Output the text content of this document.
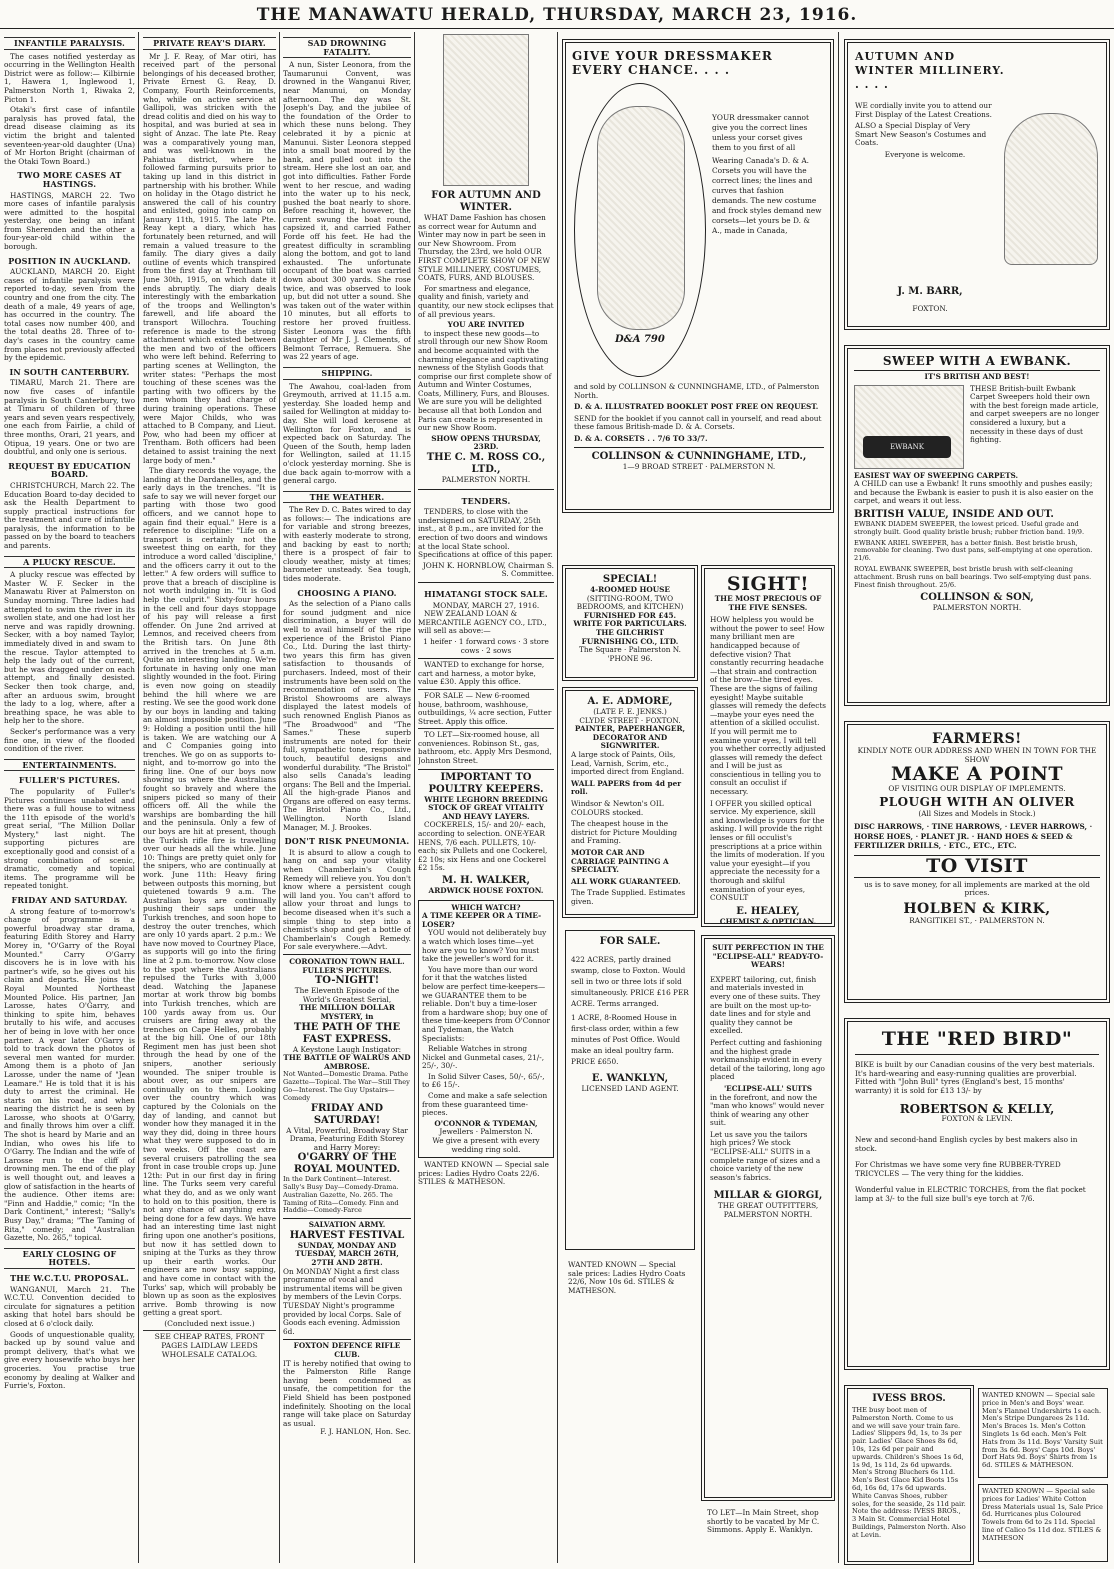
THE MANAWATU HERALD, THURSDAY, MARCH 23, 1916.
INFANTILE PARALYSIS.

The cases notified yesterday as occurring in the Wellington Health District were as follow:— Kilbirnie 1, Hawera 1, Inglewood 1, Palmerston North 1, Riwaka 2, Picton 1.

Otaki's first case of infantile paralysis has proved fatal, the dread disease claiming as its victim the bright and talented seventeen-year-old daughter (Una) of Mr Horton Bright (chairman of the Otaki Town Board.)

TWO MORE CASES AT HASTINGS.

HASTINGS, MARCH 22. Two more cases of infantile paralysis were admitted to the hospital yesterday, one being an infant from Sherenden and the other a four-year-old child within the borough.

POSITION IN AUCKLAND.

AUCKLAND, MARCH 20. Eight cases of infantile paralysis were reported to-day, seven from the country and one from the city. The death of a male, 49 years of age, has occurred in the country. The total cases now number 400, and the total deaths 28. Three of to-day's cases in the country came from places not previously affected by the epidemic.

IN SOUTH CANTERBURY.

TIMARU, March 21. There are now five cases of infantile paralysis in South Canterbury, two at Timaru of children of three years and seven years respectively, one each from Fairlie, a child of three months, Orari, 21 years, and Otipua, 19 years. One or two are doubtful, and only one is serious.

REQUEST BY EDUCATION BOARD.

CHRISTCHURCH, March 22. The Education Board to-day decided to ask the Health Department to supply practical instructions for the treatment and cure of infantile paralysis, the information to be passed on by the board to teachers and parents.

A PLUCKY RESCUE.

A plucky rescue was effected by Master W. F. Secker in the Manawatu River at Palmerston on Sunday morning. Three ladies had attempted to swim the river in its swollen state, and one had lost her nerve and was rapidly drowning. Secker, with a boy named Taylor, immediately dived in and swam to the rescue. Taylor attempted to help the lady out of the current, but he was dragged under on each attempt, and finally desisted. Secker then took charge, and, after an arduous swim, brought the lady to a log, where, after a breathing space, he was able to help her to the shore.

Secker's performance was a very fine one, in view of the flooded condition of the river.

ENTERTAINMENTS.
FULLER'S PICTURES.

The popularity of Fuller's Pictures continues unabated and there was a full house to witness the 11th episode of the world's great serial, "The Million Dollar Mystery," last night. The supporting pictures are exceptionally good and consist of a strong combination of scenic, dramatic, comedy and topical items. The programme will be repeated tonight.

FRIDAY AND SATURDAY.

A strong feature of to-morrow's change of programme is a powerful broadway star drama, featuring Edith Storey and Harry Morey in, "O'Garry of the Royal Mounted." Carry O'Garry discovers he is in love with his partner's wife, so he gives out his claim and departs. He joins the Royal Mounted Northeast Mounted Police. His partner, Jan Larosse, hates O'Garry, and thinking to spite him, behaves brutally to his wife, and accuses her of being in love with her once partner. A year later O'Garry is told to track down the photos of several men wanted for murder. Among them is a photo of Jan Larosse, under the name of "Jean Leamare." He is told that it is his duty to arrest the criminal. He starts on his road, and when nearing the district he is seen by Larosse, who shoots at O'Garry, and finally throws him over a cliff. The shot is heard by Marie and an Indian, who owes his life to O'Garry. The Indian and the wife of Larosse run to the cliff of drowning men. The end of the play is well thought out, and leaves a glow of satisfaction in the hearts of the audience. Other items are: "Finn and Haddie," comic; "In the Dark Continent," interest; "Sally's Busy Day," drama; "The Taming of Rita," comedy; and "Australian Gazette, No. 265," topical.

EARLY CLOSING OF HOTELS.
THE W.C.T.U. PROPOSAL.

WANGANUI, March 21. The W.C.T.U. Convention decided to circulate for signatures a petition asking that hotel bars should be closed at 6 o'clock daily.

Goods of unquestionable quality, backed up by sound value and prompt delivery, that's what we give every housewife who buys her groceries. You practise true economy by dealing at Walker and Furrie's, Foxton.

PRIVATE REAY'S DIARY.

Mr J. F. Reay, of Mar otiri, has received part of the personal belongings of his deceased brother, Private Ernest G. Reay, D. Company, Fourth Reinforcements, who, while on active service at Gallipoli, was stricken with the dread colitis and died on his way to hospital, and was buried at sea in sight of Anzac. The late Pte. Reay was a comparatively young man, and was well-known in the Pahiatua district, where he followed farming pursuits prior to taking up land in this district in partnership with his brother. While on holiday in the Otago district he answered the call of his country and enlisted, going into camp on January 11th, 1915. The late Pte. Reay kept a diary, which has fortunately been returned, and will remain a valued treasure to the family. The diary gives a daily outline of events which transpired from the first day at Trentham till June 30th, 1915, on which date it ends abruptly. The diary deals interestingly with the embarkation of the troops and Wellington's farewell, and life aboard the transport Willochra. Touching reference is made to the strong attachment which existed between the men and two of the officers who were left behind. Referring to parting scenes at Wellington, the writer states: "Perhaps the most touching of these scenes was the parting with two officers by the men whom they had charge of during training operations. These were Major Childs, who was attached to B Company, and Lieut. Pow, who had been my officer at Trentham. Both officers had been detained to assist training the next large body of men."

The diary records the voyage, the landing at the Dardanelles, and the early days in the trenches. "It is safe to say we will never forget our parting with those two good officers, and we cannot hope to again find their equal." Here is a reference to discipline: "Life on a transport is certainly not the sweetest thing on earth, for they introduce a word called 'discipline,' and the officers carry it out to the letter." A few orders will suffice to prove that a breach of discipline is not worth indulging in. "It is God help the culprit." Sixty-four hours in the cell and four days stoppage of his pay will release a first offender. On June 2nd arrived at Lemnos, and received cheers from the British tars. On June 8th arrived in the trenches at 5 a.m. Quite an interesting landing. We're fortunate in having only one man slightly wounded in the foot. Firing is even now going on steadily behind the hill where we are resting. We see the good work done by our boys in landing and taking an almost impossible position. June 9: Holding a position until the hill is taken. We are watching our A and C Companies going into trenches. We go on as supports to-night, and to-morrow go into the firing line. One of our boys now showing us where the Australians fought so bravely and where the snipers picked so many of their officers off. All the while the warships are bombarding the hill and the peninsula. Only a few of our boys are hit at present, though the Turkish rifle fire is travelling over our heads all the while. June 10: Things are pretty quiet only for the snipers, who are continually at work. June 11th: Heavy firing between outposts this morning, but quietened towards 9 a.m. The Australian boys are continually pushing their saps under the Turkish trenches, and soon hope to destroy the outer trenches, which are only 10 yards apart. 2 p.m.: We have now moved to Courtney Place, as supports will go into the firing line at 2 p.m. to-morrow. Now close to the spot where the Australians repulsed the Turks with 3,000 dead. Watching the Japanese mortar at work throw big bombs into Turkish trenches, which are 100 yards away from us. Our cruisers are firing away at the trenches on Cape Helles, probably at the big hill. One of our 18th Regiment men has just been shot through the head by one of the snipers, another seriously wounded. The sniper trouble is about over, as our snipers are continually on to them. Looking over the country which was captured by the Colonials on the day of landing, and cannot but wonder how they managed it in the way they did, doing in three hours what they were supposed to do in two weeks. Off the coast are several cruisers patrolling the sea front in case trouble crops up. June 12th: Put in our first day in firing line. The Turks seem very careful what they do, and as we only want to hold on to this position, there is not any chance of anything extra being done for a few days. We have had an interesting time last night firing upon one another's positions, but now it has settled down to sniping at the Turks as they throw up their earth works. Our engineers are now busy sapping, and have come in contact with the Turks' sap, which will probably be blown up as soon as the explosives arrive. Bomb throwing is now getting a great sport.

(Concluded next issue.)
SEE CHEAP RATES, FRONT PAGES LAIDLAW LEEDS WHOLESALE CATALOG.
SAD DROWNING FATALITY.

A nun, Sister Leonora, from the Taumarunui Convent, was drowned in the Wanganui River, near Manunui, on Monday afternoon. The day was St. Joseph's Day, and the jubilee of the foundation of the Order to which these nuns belong. They celebrated it by a picnic at Manunui. Sister Leonora stepped into a small boat moored by the bank, and pulled out into the stream. Here she lost an oar, and got into difficulties. Father Forde went to her rescue, and wading into the water up to his neck, pushed the boat nearly to shore. Before reaching it, however, the current swung the boat round, capsized it, and carried Father Forde off his feet. He had the greatest difficulty in scrambling along the bottom, and got to land exhausted. The unfortunate occupant of the boat was carried down about 300 yards. She rose twice, and was observed to look up, but did not utter a sound. She was taken out of the water within 10 minutes, but all efforts to restore her proved fruitless. Sister Leonora was the fifth daughter of Mr J. J. Clements, of Belmont Terrace, Remuera. She was 22 years of age.

SHIPPING.

The Awahou, coal-laden from Greymouth, arrived at 11.15 a.m. yesterday. She loaded hemp and sailed for Wellington at midday to-day. She will load kerosene at Wellington for Foxton, and is expected back on Saturday. The Queen of the South, hemp laden for Wellington, sailed at 11.15 o'clock yesterday morning. She is due back again to-morrow with a general cargo.

THE WEATHER.

The Rev D. C. Bates wired to day as follows:— The indications are for variable and strong breezes, with easterly moderate to strong, and backing by east to north; there is a prospect of fair to cloudy weather, misty at times; barometer unsteady. Sea tough, tides moderate.

CHOOSING A PIANO.

As the selection of a Piano calls for sound judgment and nice discrimination, a buyer will do well to avail himself of the ripe experience of the Bristol Piano Co., Ltd. During the last thirty-two years this firm has given satisfaction to thousands of purchasers. Indeed, most of their instruments have been sold on the recommendation of users. The Bristol Showrooms are always displayed the latest models of such renowned English Pianos as "The Broadwood" and "The Sames." These superb instruments are noted for their full, sympathetic tone, responsive touch, beautiful designs and wonderful durability. "The Bristol" also sells Canada's leading organs: The Bell and the Imperial. All the high-grade Pianos and Organs are offered on easy terms. The Bristol Piano Co., Ltd., Wellington. North Island Manager, M. J. Brookes.

DON'T RISK PNEUMONIA.

It is absurd to allow a cough to hang on and sap your vitality when Chamberlain's Cough Remedy will relieve you. You don't know where a persistent cough will land you. You can't afford to allow your throat and lungs to become diseased when it's such a simple thing to step into a chemist's shop and get a bottle of Chamberlain's Cough Remedy. For sale everywhere.—Advt.

CORONATION TOWN HALL.
FULLER'S PICTURES.
TO-NIGHT!
The Eleventh Episode of the World's Greatest Serial,
THE MILLION DOLLAR MYSTERY, in
THE PATH OF THE FAST EXPRESS.
A Keystone Laugh Instigator:
THE BATTLE OF WALRUS AND AMBROSE.
Not Wanted—Domestic Drama. Pathe Gazette—Topical. The War—Still They Go—Interest. The Guy Upstairs—Comedy
FRIDAY AND SATURDAY!
A Vital, Powerful, Broadway Star Drama, Featuring Edith Storey and Harry Morey:
O'GARRY OF THE ROYAL MOUNTED.
In the Dark Continent—Interest. Sally's Busy Day—Comedy-Drama. Australian Gazette, No. 265. The Taming of Rita—Comedy. Finn and Haddie—Comedy-Farce
SALVATION ARMY.
HARVEST FESTIVAL
SUNDAY, MONDAY AND TUESDAY, MARCH 26TH, 27TH AND 28TH.
On MONDAY Night a first class programme of vocal and instrumental items will be given by members of the Levin Corps.
TUESDAY Night's programme provided by local Corps. Sale of Goods each evening. Admission 6d.
FOXTON DEFENCE RIFLE CLUB.
IT is hereby notified that owing to the Palmerston Rifle Range having been condemned as unsafe, the competition for the Field Shield has been postponed indefinitely. Shooting on the local range will take place on Saturday as usual.
F. J. HANLON, Hon. Sec.
FOR AUTUMN AND WINTER.

WHAT Dame Fashion has chosen as correct wear for Autumn and Winter may now in part be seen in our New Showroom. From Thursday, the 23rd, we hold OUR FIRST COMPLETE SHOW OF NEW STYLE MILLINERY, COSTUMES, COATS, FURS, AND BLOUSES.

For smartness and elegance, quality and finish, variety and quantity, our new stock eclipses that of all previous years.

YOU ARE INVITED

to inspect these new goods—to stroll through our new Show Room and become acquainted with the charming elegance and captivating newness of the Stylish Goods that comprise our first complete show of Autumn and Winter Costumes, Coats, Millinery, Furs, and Blouses. We are sure you will be delighted because all that both London and Paris can create is represented in our new Show Room.

SHOW OPENS THURSDAY, 23RD.
THE C. M. ROSS CO., LTD.,
PALMERSTON NORTH.
TENDERS.

TENDERS, to close with the undersigned on SATURDAY, 25th inst., at 8 p.m., are invited for the erection of two doors and windows at the local State school. Specifications at office of this paper.

JOHN K. HORNBLOW, Chairman S. S. Committee.
HIMATANGI STOCK SALE.
MONDAY, MARCH 27, 1916.

NEW ZEALAND LOAN & MERCANTILE AGENCY CO., LTD., will sell as above:—

1 heifer · 1 forward cows · 3 store cows · 2 sows

WANTED to exchange for horse, cart and harness, a motor byke, value £30. Apply this office.

FOR SALE — New 6-roomed house, bathroom, washhouse, outbuildings, ¼ acre section, Futter Street. Apply this office.

TO LET—Six-roomed house, all conveniences. Robinson St., gas, bathroom, etc. Apply Mrs Desmond, Johnston Street.

IMPORTANT TO POULTRY KEEPERS.
WHITE LEGHORN BREEDING STOCK OF GREAT VITALITY AND HEAVY LAYERS.

COCKERELS, 15/- and 20/- each, according to selection. ONE-YEAR HENS, 7/6 each. PULLETS, 10/- each; six Pullets and one Cockerel, £2 10s; six Hens and one Cockerel £2 15s.

M. H. WALKER,
ARDWICK HOUSE FOXTON.
WHICH WATCH?
A TIME KEEPER OR A TIME-LOSER?

YOU would not deliberately buy a watch which loses time—yet how are you to know? You must take the jeweller's word for it.

You have more than our word for it that the watches listed below are perfect time-keepers—we GUARANTEE them to be reliable. Don't buy a time-loser from a hardware shop; buy one of these time-keepers from O'Connor and Tydeman, the Watch Specialists:

Reliable Watches in strong Nickel and Gunmetal cases, 21/-, 25/-, 30/-.

In Solid Silver Cases, 50/-, 65/-, to £6 15/-.

Come and make a safe selection from these guaranteed time-pieces.

O'CONNOR & TYDEMAN,
Jewellers · Palmerston N.
We give a present with every wedding ring sold.

WANTED KNOWN — Special sale prices: Ladies Hydro Coats 22/6. STILES & MATHESON.

GIVE YOUR DRESSMAKER EVERY CHANCE. . . .
D&A 790

YOUR dressmaker cannot give you the correct lines unless your corset gives them to you first of all

Wearing Canada's D. & A. Corsets you will have the correct lines; the lines and curves that fashion demands. The new costume and frock styles demand new corsets—let yours be D. & A., made in Canada,

and sold by COLLINSON & CUNNINGHAME, LTD., of Palmerston North.

D. & A. ILLUSTRATED BOOKLET POST FREE ON REQUEST.

SEND for the booklet if you cannot call in yourself, and read about these famous British-made D. & A. Corsets.

D. & A. CORSETS . . 7/6 TO 33/7.

COLLINSON & CUNNINGHAME, LTD.,
1—9 BROAD STREET · PALMERSTON N.
SPECIAL!
4-ROOMED HOUSE
(SITTING-ROOM, TWO BEDROOMS, and KITCHEN)
FURNISHED FOR £45.
WRITE FOR PARTICULARS.
THE GILCHRIST FURNISHING CO., LTD.
The Square · Palmerston N. 'PHONE 96.
A. E. ADMORE,
(LATE F. E. JENKS.)
CLYDE STREET · FOXTON.
PAINTER, PAPERHANGER, DECORATOR AND SIGNWRITER.

A large stock of Paints, Oils, Lead, Varnish, Scrim, etc., imported direct from England.

WALL PAPERS from 4d per roll.

Windsor & Newton's OIL COLOURS stocked.

The cheapest house in the district for Picture Moulding and Framing.

MOTOR CAR AND CARRIAGE PAINTING A SPECIALTY.

ALL WORK GUARANTEED.

The Trade Supplied. Estimates given.

FOR SALE.

422 ACRES, partly drained swamp, close to Foxton. Would sell in two or three lots if sold simultaneously. PRICE £16 PER ACRE. Terms arranged.

1 ACRE, 8-Roomed House in first-class order, within a few minutes of Post Office. Would make an ideal poultry farm. PRICE £650.

E. WANKLYN,
LICENSED LAND AGENT.

WANTED KNOWN — Special sale prices: Ladies Hydro Coats 22/6, Now 10s 6d. STILES & MATHESON.

SIGHT!
THE MOST PRECIOUS OF THE FIVE SENSES.

HOW helpless you would be without the power to see! How many brilliant men are handicapped because of defective vision? That constantly recurring headache—that strain and contraction of the brow—the tired eyes. These are the signs of failing eyesight! Maybe suitable glasses will remedy the defects—maybe your eyes need the attention of a skilled occulist. If you will permit me to examine your eyes, I will tell you whether correctly adjusted glasses will remedy the defect and I will be just as conscientious in telling you to consult an occulist if necessary.

I OFFER you skilled optical service. My experience, skill and knowledge is yours for the asking. I will provide the right lenses or fill occulist's prescriptions at a price within the limits of moderation. If you value your eyesight—if you appreciate the necessity for a thorough and skilful examination of your eyes, CONSULT

E. HEALEY,
CHEMIST & OPTICIAN.
SUIT PERFECTION IN THE "ECLIPSE-ALL" READY-TO-WEARS!

EXPERT tailoring, cut, finish and materials invested in every one of these suits. They are built on the most up-to-date lines and for style and quality they cannot be excelled.

Perfect cutting and fashioning and the highest grade workmanship evident in every detail of the tailoring, long ago placed

'ECLIPSE-ALL' SUITS

in the forefront, and now the "man who knows" would never think of wearing any other suit.

Let us save you the tailors high prices? We stock "ECLIPSE-ALL" SUITS in a complete range of sizes and a choice variety of the new season's fabrics.

MILLAR & GIORGI,
THE GREAT OUTFITTERS,
PALMERSTON NORTH.

TO LET—In Main Street, shop shortly to be vacated by Mr C. Simmons. Apply E. Wanklyn.

AUTUMN AND WINTER MILLINERY. . . . .

WE cordially invite you to attend our First Display of the Latest Creations.

ALSO a Special Display of Very Smart New Season's Costumes and Coats.

Everyone is welcome.

J. M. BARR,
FOXTON.
SWEEP WITH A EWBANK.
IT'S BRITISH AND BEST!
EWBANK

THESE British-built Ewbank Carpet Sweepers hold their own with the best foreign made article, and carpet sweepers are no longer considered a luxury, but a necessity in these days of dust fighting.

EASIEST WAY OF SWEEPING CARPETS.

A CHILD can use a Ewbank! It runs smoothly and pushes easily; and because the Ewbank is easier to push it is also easier on the carpet, and wears it out less.

BRITISH VALUE, INSIDE AND OUT.

EWBANK DIADEM SWEEPER, the lowest priced. Useful grade and strongly built. Good quality bristle brush; rubber friction band. 19/9.

EWBANK ARIEL SWEEPER, has a better finish. Best bristle brush, removable for cleaning. Two dust pans, self-emptying at one operation. 21/6.

ROYAL EWBANK SWEEPER, best bristle brush with self-cleaning attachment. Brush runs on ball bearings. Two self-emptying dust pans. Finest finish throughout. 25/6.

COLLINSON & SON,
PALMERSTON NORTH.
FARMERS!
KINDLY NOTE OUR ADDRESS AND WHEN IN TOWN FOR THE SHOW
MAKE A POINT
OF VISITING OUR DISPLAY OF IMPLEMENTS.
PLOUGH WITH AN OLIVER
(All Sizes and Models in Stock.)
DISC HARROWS, · TINE HARROWS, · LEVER HARROWS, · HORSE HOES, · PLANET JR. · HAND HOES & SEED & FERTILIZER DRILLS, · ETC., ETC., ETC.
TO VISIT
us is to save money, for all implements are marked at the old prices.
HOLBEN & KIRK,
RANGITIKEI ST., · PALMERSTON N.
THE "RED BIRD"

BIKE is built by our Canadian cousins of the very best materials. It's hard-wearing and easy-running qualities are proverbial. Fitted with "John Bull" tyres (England's best, 15 months' warranty) it is sold for £13 13/- by

ROBERTSON & KELLY,
FOXTON & LEVIN.

New and second-hand English cycles by best makers also in stock.

For Christmas we have some very fine RUBBER-TYRED TRICYCLES — The very thing for the kiddies.

Wonderful value in ELECTRIC TORCHES, from the flat pocket lamp at 3/- to the full size bull's eye torch at 7/6.

IVESS BROS.

THE busy boot men of Palmerston North. Come to us and we will save your train fare. Ladies' Slippers 9d, 1s, to 3s per pair. Ladies' Glace Shoes 8s 6d, 10s, 12s 6d per pair and upwards. Children's Shoes 1s 6d, 1s 9d, 1s 11d, 2s 6d upwards. Men's Strong Bluchers 6s 11d. Men's Best Glace Kid Boots 15s 6d, 16s 6d, 17s 6d upwards. White Canvas Shoes, rubber soles, for the seaside, 2s 11d pair. Note the address: IVESS BROS., 3 Main St. Commercial Hotel Buildings, Palmerston North. Also at Levin.

WANTED KNOWN — Special sale price in Men's and Boys' wear. Men's Flannel Undershirts 1s each. Men's Stripe Dungarees 2s 11d. Men's Braces 1s. Men's Cotton Singlets 1s 6d each. Men's Felt Hats from 3s 11d. Boys' Varsity Suit from 3s 6d. Boys' Caps 10d. Boys' Dorf Hats 9d. Boys' Shirts from 1s 6d. STILES & MATHESON.

WANTED KNOWN — Special sale prices for Ladies' White Cotton Dress Materials usual 1s, Sale Price 6d. Hurricanes plus Coloured Towels from 6d to 2s 11d. Special line of Calico 5s 11d doz. STILES & MATHESON
